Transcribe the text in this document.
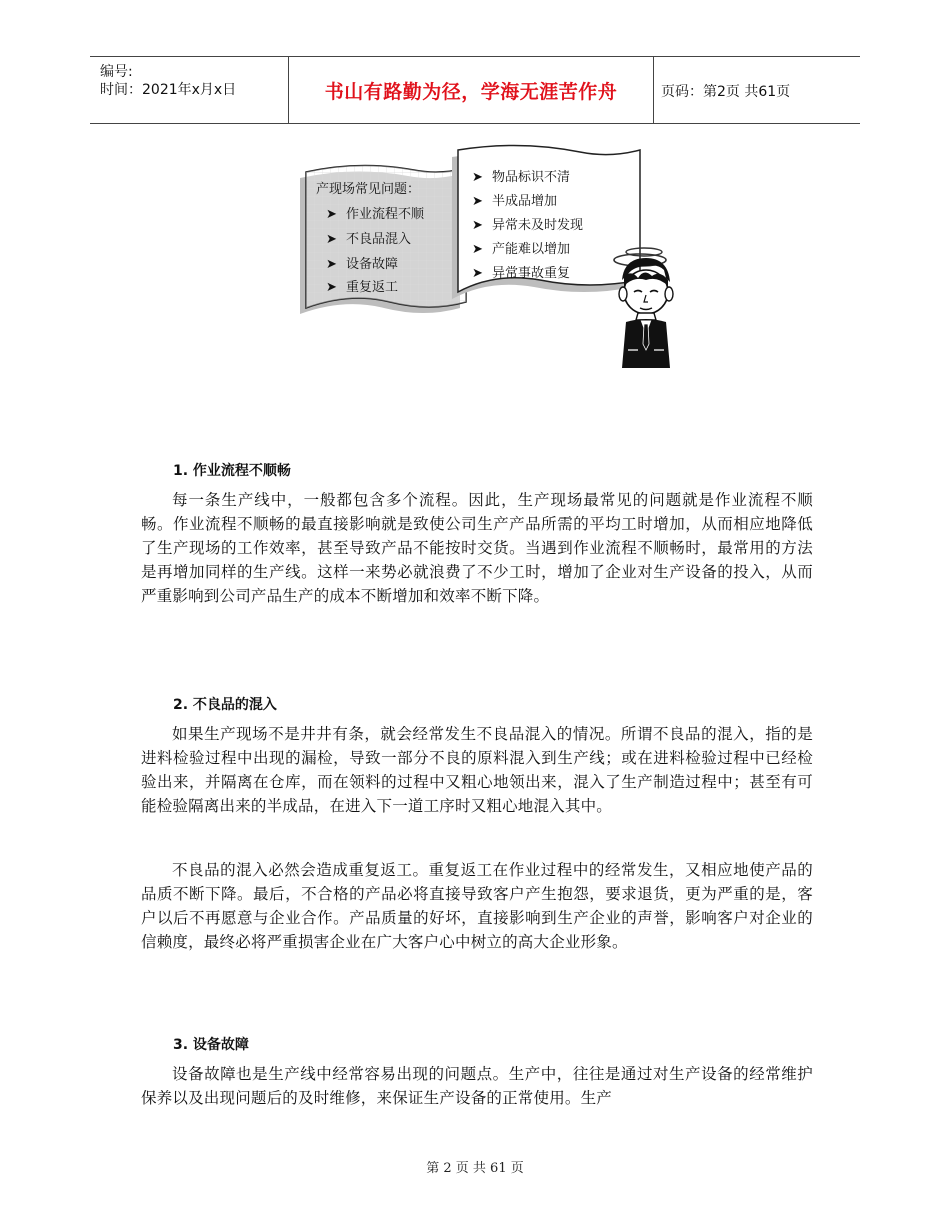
编号:
时间：2021年x月x日	书山有路勤为径，学海无涯苦作舟	页码：第2页 共61页
产现场常见问题：
➤ 作业流程不顺
➤ 不良品混入
➤ 设备故障
➤ 重复返工
➤ 物品标识不清
➤ 半成品增加
➤ 异常未及时发现
➤ 产能难以增加
➤ 异常事故重复
1. 作业流程不顺畅

每一条生产线中，一般都包含多个流程。因此，生产现场最常见的问题就是作业流程不顺畅。作业流程不顺畅的最直接影响就是致使公司生产产品所需的平均工时增加，从而相应地降低了生产现场的工作效率，甚至导致产品不能按时交货。当遇到作业流程不顺畅时，最常用的方法是再增加同样的生产线。这样一来势必就浪费了不少工时，增加了企业对生产设备的投入，从而严重影响到公司产品生产的成本不断增加和效率不断下降。

2. 不良品的混入

如果生产现场不是井井有条，就会经常发生不良品混入的情况。所谓不良品的混入，指的是进料检验过程中出现的漏检，导致一部分不良的原料混入到生产线；或在进料检验过程中已经检验出来，并隔离在仓库，而在领料的过程中又粗心地领出来，混入了生产制造过程中；甚至有可能检验隔离出来的半成品，在进入下一道工序时又粗心地混入其中。

不良品的混入必然会造成重复返工。重复返工在作业过程中的经常发生，又相应地使产品的品质不断下降。最后，不合格的产品必将直接导致客户产生抱怨，要求退货，更为严重的是，客户以后不再愿意与企业合作。产品质量的好坏，直接影响到生产企业的声誉，影响客户对企业的信赖度，最终必将严重损害企业在广大客户心中树立的高大企业形象。

3. 设备故障

设备故障也是生产线中经常容易出现的问题点。生产中，往往是通过对生产设备的经常维护保养以及出现问题后的及时维修，来保证生产设备的正常使用。生产

第 2 页 共 61 页
